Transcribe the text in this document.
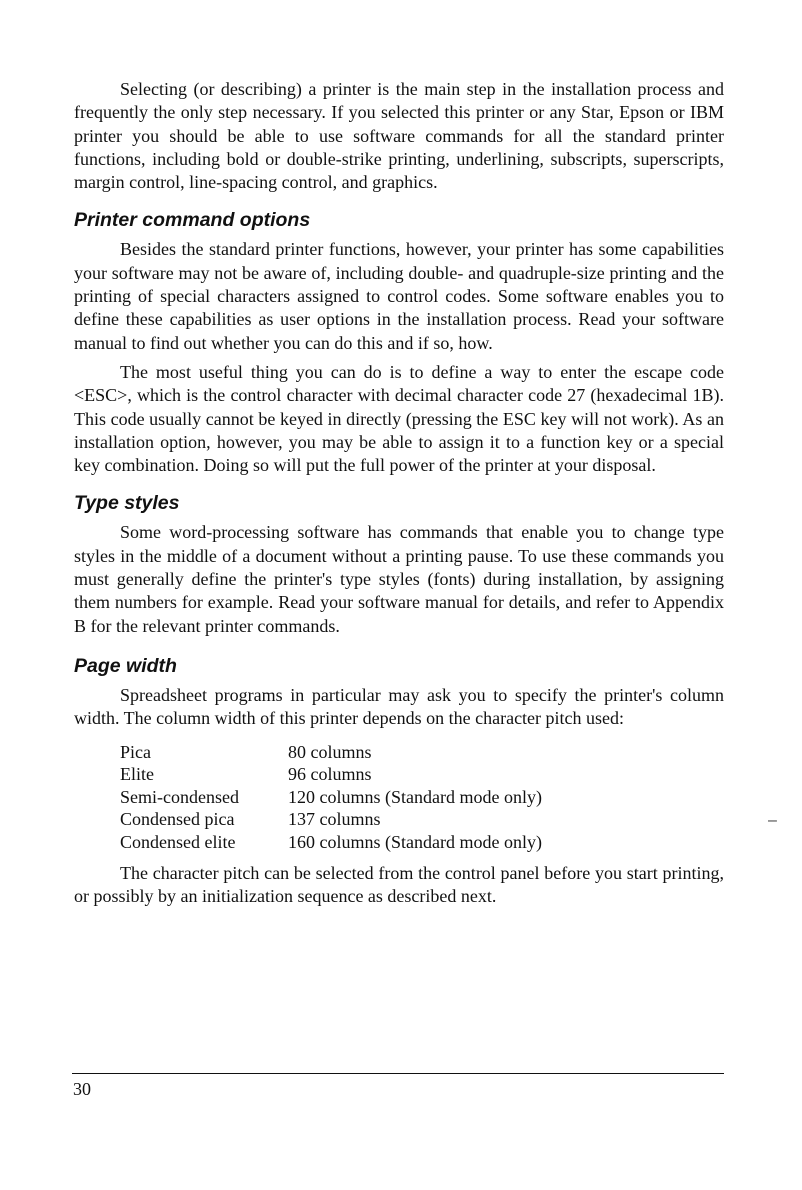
Selecting (or describing) a printer is the main step in the installation process and frequently the only step necessary. If you selected this printer or any Star, Epson or IBM printer you should be able to use software commands for all the standard printer functions, including bold or double-strike printing, underlining, subscripts, superscripts, margin control, line-spacing control, and graphics.

Printer command options

Besides the standard printer functions, however, your printer has some capabilities your software may not be aware of, including double- and quadruple-size printing and the printing of special characters assigned to control codes. Some software enables you to define these capabilities as user options in the installation process. Read your software manual to find out whether you can do this and if so, how.

The most useful thing you can do is to define a way to enter the escape code <ESC>, which is the control character with decimal character code 27 (hexadecimal 1B). This code usually cannot be keyed in directly (pressing the ESC key will not work). As an installation option, however, you may be able to assign it to a function key or a special key combination. Doing so will put the full power of the printer at your disposal.

Type styles

Some word-processing software has commands that enable you to change type styles in the middle of a document without a printing pause. To use these commands you must generally define the printer's type styles (fonts) during installation, by assigning them numbers for example. Read your software manual for details, and refer to Appendix B for the relevant printer commands.

Page width

Spreadsheet programs in particular may ask you to specify the printer's column width. The column width of this printer depends on the character pitch used:

Pica	80 columns
Elite	96 columns
Semi-condensed	120 columns (Standard mode only)
Condensed pica	137 columns
Condensed elite	160 columns (Standard mode only)

The character pitch can be selected from the control panel before you start printing, or possibly by an initialization sequence as described next.

30
–
